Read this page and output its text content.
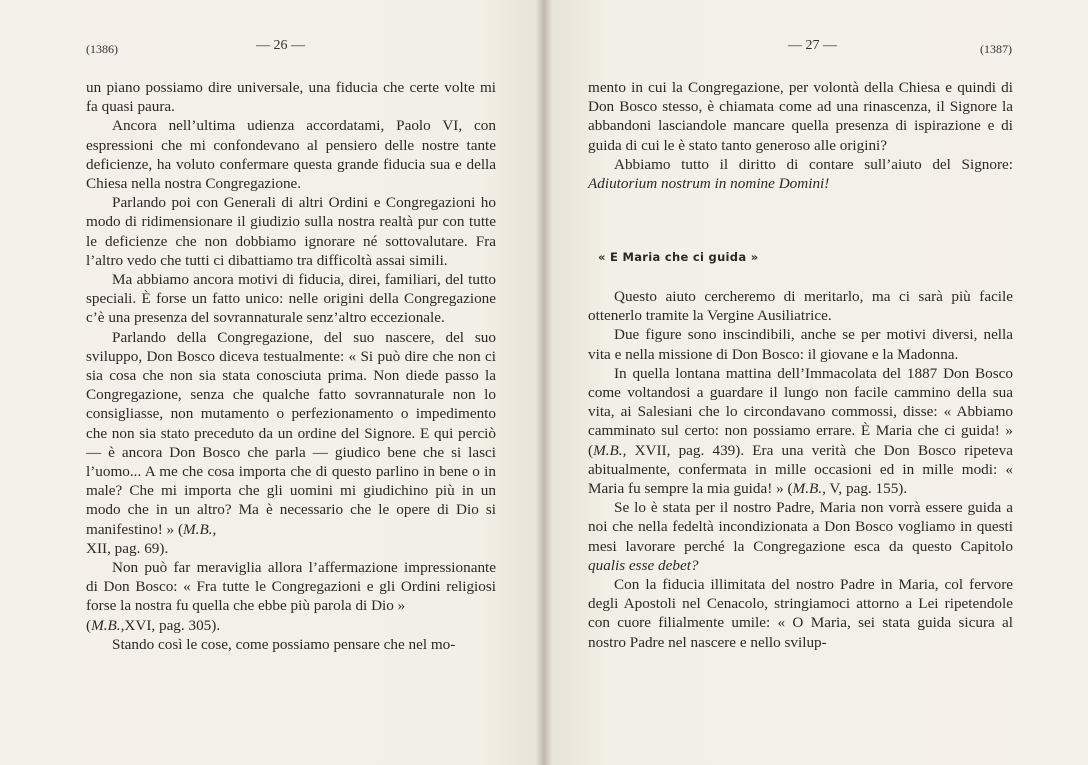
(1386)	— 26 —

un piano possiamo dire universale, una fiducia che certe volte mi fa quasi paura.

Ancora nell’ultima udienza accordatami, Paolo VI, con espressioni che mi confondevano al pensiero delle nostre tante deficienze, ha voluto confermare questa grande fiducia sua e della Chiesa nella nostra Congregazione.

Parlando poi con Generali di altri Ordini e Congregazioni ho modo di ridimensionare il giudizio sulla nostra realtà pur con tutte le deficienze che non dobbiamo ignorare né sottovalutare. Fra l’altro vedo che tutti ci dibattiamo tra difficoltà assai simili.

Ma abbiamo ancora motivi di fiducia, direi, familiari, del tutto speciali. È forse un fatto unico: nelle origini della Congregazione c’è una presenza del sovrannaturale senz’altro eccezionale.

Parlando della Congregazione, del suo nascere, del suo sviluppo, Don Bosco diceva testualmente: « Si può dire che non ci sia cosa che non sia stata conosciuta prima. Non diede passo la Congregazione, senza che qualche fatto sovrannaturale non lo consigliasse, non mutamento o perfezionamento o impedimento che non sia stato preceduto da un ordine del Signore. E qui perciò — è ancora Don Bosco che parla — giudico bene che si lasci l’uomo... A me che cosa importa che di questo parlino in bene o in male? Che mi importa che gli uomini mi giudichino più in un modo che in un altro? Ma è necessario che le opere di Dio si manifestino! » (M.B.,
XII, pag. 69).

Non può far meraviglia allora l’affermazione impressionante di Don Bosco: « Fra tutte le Congregazioni e gli Ordini religiosi forse la nostra fu quella che ebbe più parola di Dio »
(M.B.,XVI, pag. 305).

Stando così le cose, come possiamo pensare che nel mo-

— 27 —	(1387)

mento in cui la Congregazione, per volontà della Chiesa e quindi di Don Bosco stesso, è chiamata come ad una rinascenza, il Signore la abbandoni lasciandole mancare quella presenza di ispirazione e di guida di cui le è stato tanto generoso alle origini?

Abbiamo tutto il diritto di contare sull’aiuto del Signore: Adiutorium nostrum in nomine Domini!

« E Maria che ci guida »

Questo aiuto cercheremo di meritarlo, ma ci sarà più facile ottenerlo tramite la Vergine Ausiliatrice.

Due figure sono inscindibili, anche se per motivi diversi, nella vita e nella missione di Don Bosco: il giovane e la Madonna.

In quella lontana mattina dell’Immacolata del 1887 Don Bosco come voltandosi a guardare il lungo non facile cammino della sua vita, ai Salesiani che lo circondavano commossi, disse: « Abbiamo camminato sul certo: non possiamo errare. È Maria che ci guida! » (M.B., XVII, pag. 439). Era una verità che Don Bosco ripeteva abitualmente, confermata in mille occasioni ed in mille modi: « Maria fu sempre la mia guida! » (M.B., V, pag. 155).

Se lo è stata per il nostro Padre, Maria non vorrà essere guida a noi che nella fedeltà incondizionata a Don Bosco vogliamo in questi mesi lavorare perché la Congregazione esca da questo Capitolo qualis esse debet?

Con la fiducia illimitata del nostro Padre in Maria, col fervore degli Apostoli nel Cenacolo, stringiamoci attorno a Lei ripetendole con cuore filialmente umile: « O Maria, sei stata guida sicura al nostro Padre nel nascere e nello svilup-
